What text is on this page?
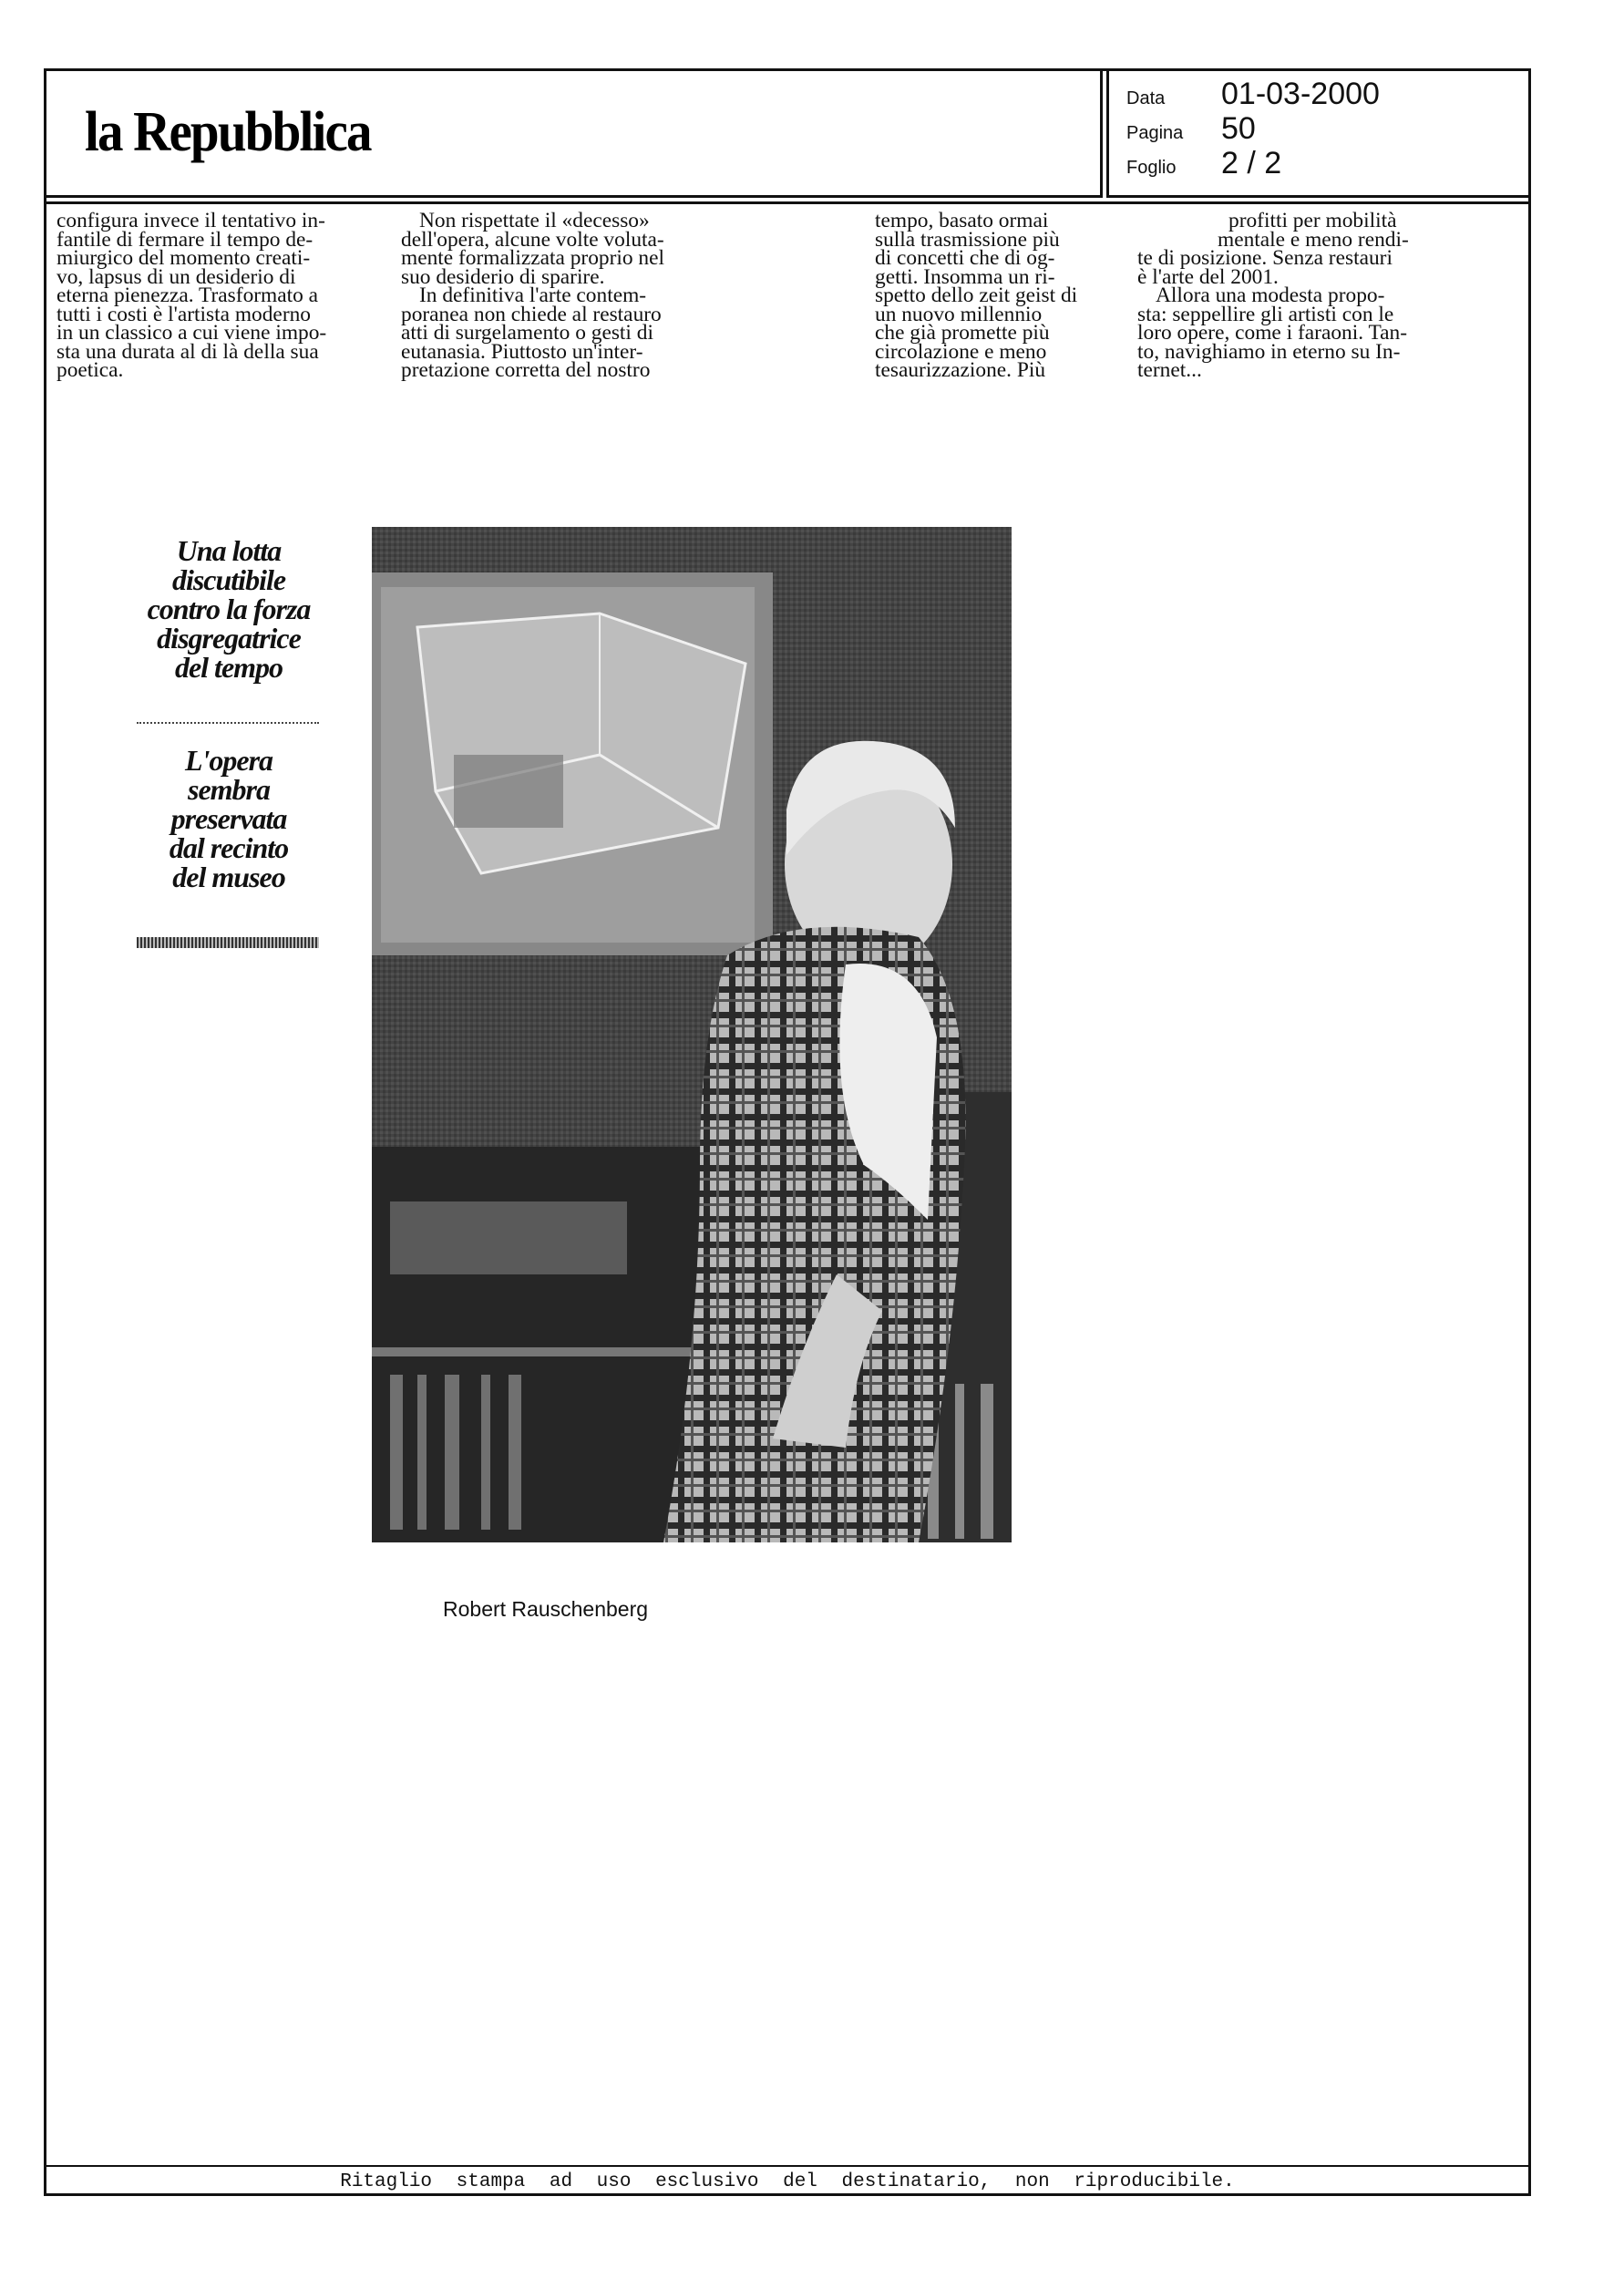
la Repubblica
Data	01-03-2000
Pagina	50
Foglio	2 / 2

configura invece il tentativo in-

fantile di fermare il tempo de-

miurgico del momento creati-

vo, lapsus di un desiderio di

eterna pienezza. Trasformato a

tutti i costi è l'artista moderno

in un classico a cui viene impo-

sta una durata al di là della sua

poetica.

Non rispettate il «decesso»

dell'opera, alcune volte voluta-

mente formalizzata proprio nel

suo desiderio di sparire.

In definitiva l'arte contem-

poranea non chiede al restauro

atti di surgelamento o gesti di

eutanasia. Piuttosto un'inter-

pretazione corretta del nostro

tempo, basato ormai

sulla trasmissione più

di concetti che di og-

getti. Insomma un ri-

spetto dello zeit geist di

un nuovo millennio

che già promette più

circolazione e meno

tesaurizzazione. Più

profitti per mobilità

mentale e meno rendi-

te di posizione. Senza restauri

è l'arte del 2001.

Allora una modesta propo-

sta: seppellire gli artisti con le

loro opere, come i faraoni. Tan-

to, navighiamo in eterno su In-

ternet...

Una lotta

discutibile

contro la forza

disgregatrice

del tempo

L'opera

sembra

preservata

dal recinto

del museo

Robert Rauschenberg
Ritaglio stampa ad uso esclusivo del destinatario, non riproducibile.
